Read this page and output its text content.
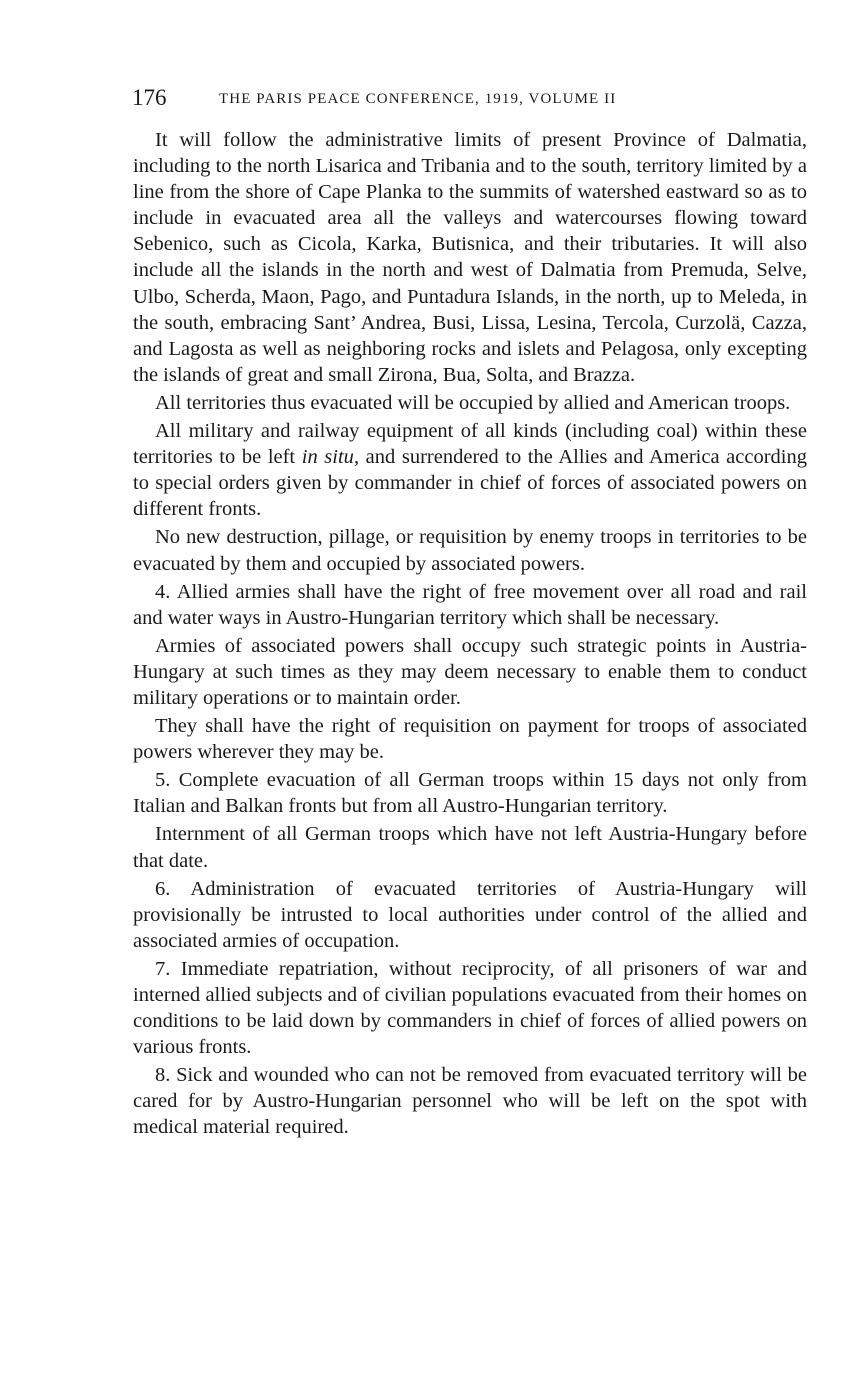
176	THE PARIS PEACE CONFERENCE, 1919, VOLUME II

It will follow the administrative limits of present Province of Dalmatia, including to the north Lisarica and Tribania and to the south, territory limited by a line from the shore of Cape Planka to the summits of watershed eastward so as to include in evacuated area all the valleys and watercourses flowing toward Sebenico, such as Cicola, Karka, Butisnica, and their tributaries. It will also include all the islands in the north and west of Dalmatia from Premuda, Selve, Ulbo, Scherda, Maon, Pago, and Puntadura Islands, in the north, up to Meleda, in the south, embracing Sant’ Andrea, Busi, Lissa, Lesina, Tercola, Curzolä, Cazza, and Lagosta as well as neighboring rocks and islets and Pelagosa, only excepting the islands of great and small Zirona, Bua, Solta, and Brazza.

All territories thus evacuated will be occupied by allied and American troops.

All military and railway equipment of all kinds (including coal) within these territories to be left in situ, and surrendered to the Allies and America according to special orders given by commander in chief of forces of associated powers on different fronts.

No new destruction, pillage, or requisition by enemy troops in territories to be evacuated by them and occupied by associated powers.

4. Allied armies shall have the right of free movement over all road and rail and water ways in Austro-Hungarian territory which shall be necessary.

Armies of associated powers shall occupy such strategic points in Austria-Hungary at such times as they may deem necessary to enable them to conduct military operations or to maintain order.

They shall have the right of requisition on payment for troops of associated powers wherever they may be.

5. Complete evacuation of all German troops within 15 days not only from Italian and Balkan fronts but from all Austro-Hungarian territory.

Internment of all German troops which have not left Austria-Hungary before that date.

6. Administration of evacuated territories of Austria-Hungary will provisionally be intrusted to local authorities under control of the allied and associated armies of occupation.

7. Immediate repatriation, without reciprocity, of all prisoners of war and interned allied subjects and of civilian populations evacuated from their homes on conditions to be laid down by commanders in chief of forces of allied powers on various fronts.

8. Sick and wounded who can not be removed from evacuated territory will be cared for by Austro-Hungarian personnel who will be left on the spot with medical material required.
